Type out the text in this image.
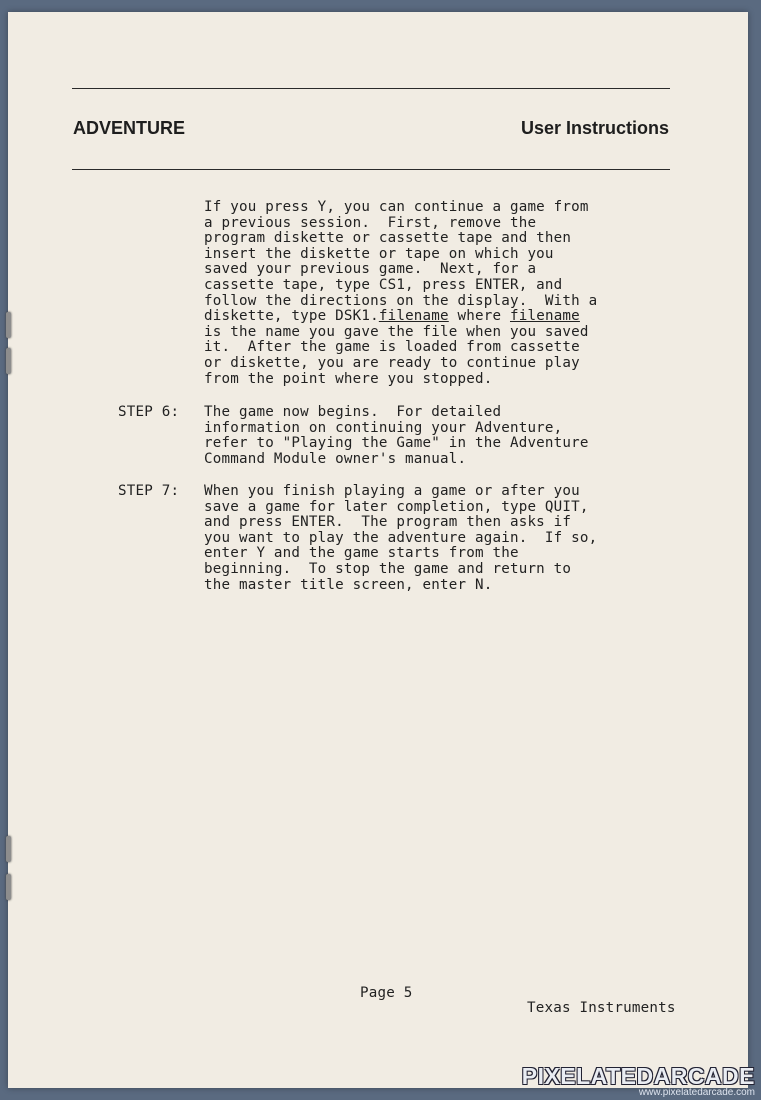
ADVENTURE	User Instructions
If you press Y, you can continue a game from
a previous session.  First, remove the
program diskette or cassette tape and then
insert the diskette or tape on which you
saved your previous game.  Next, for a
cassette tape, type CS1, press ENTER, and
follow the directions on the display.  With a
diskette, type DSK1.filename where filename
is the name you gave the file when you saved
it.  After the game is loaded from cassette
or diskette, you are ready to continue play
from the point where you stopped.
STEP 6: The game now begins.  For detailed
information on continuing your Adventure,
refer to "Playing the Game" in the Adventure
Command Module owner's manual.
STEP 7: When you finish playing a game or after you
save a game for later completion, type QUIT,
and press ENTER.  The program then asks if
you want to play the adventure again.  If so,
enter Y and the game starts from the
beginning.  To stop the game and return to
the master title screen, enter N.
Page 5
Texas Instruments
PIXELATEDARCADE
www.pixelatedarcade.com
